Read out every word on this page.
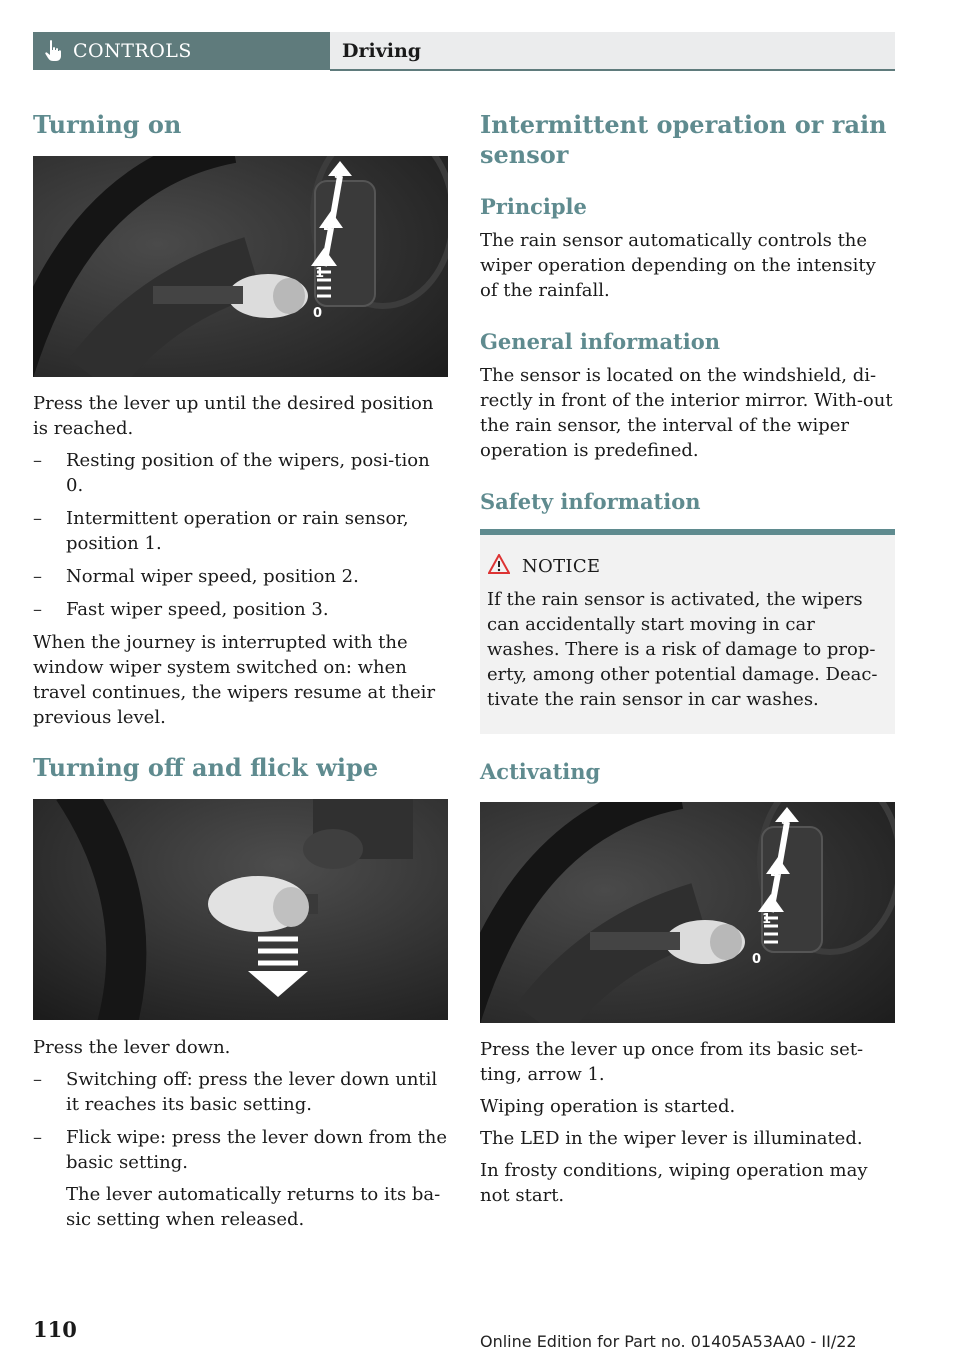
CONTROLS	Driving
Turning on
0
1
2
3

Press the lever up until the desired position is reached.

– Resting position of the wipers, posi-tion 0.
– Intermittent operation or rain sensor, position 1.
– Normal wiper speed, position 2.
– Fast wiper speed, position 3.

When the journey is interrupted with the window wiper system switched on: when travel continues, the wipers resume at their previous level.

Turning off and flick wipe

Press the lever down.

– Switching off: press the lever down until it reaches its basic setting.
– Flick wipe: press the lever down from the basic setting.

The lever automatically returns to its ba-sic setting when released.

Intermittent operation or rain sensor
Principle

The rain sensor automatically controls the wiper operation depending on the intensity of the rainfall.

General information

The sensor is located on the windshield, di-rectly in front of the interior mirror. With-out the rain sensor, the interval of the wiper operation is predefined.

Safety information
NOTICE
If the rain sensor is activated, the wipers can accidentally start moving in car washes. There is a risk of damage to prop-erty, among other potential damage. Deac-tivate the rain sensor in car washes.
Activating
0
1
2
3

Press the lever up once from its basic set-ting, arrow 1.

Wiping operation is started.

The LED in the wiper lever is illuminated.

In frosty conditions, wiping operation may not start.

110	Online Edition for Part no. 01405A53AA0 - II/22
